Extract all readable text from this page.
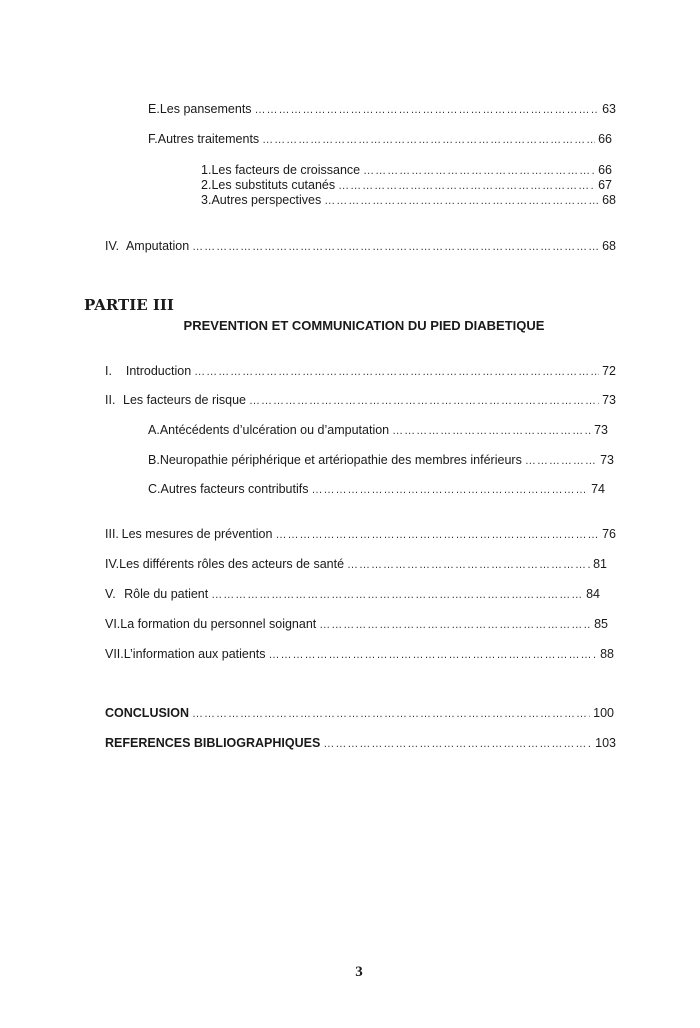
E. Les pansements ……………………………………………………………………………………………………………………………………………………………………………………	63
F. Autres traitements ……………………………………………………………………………………………………………………………………………………………………………………	66
1. Les facteurs de croissance ……………………………………………………………………………………………………………………………………………………………………………………	66
2. Les substituts cutanés ……………………………………………………………………………………………………………………………………………………………………………………	67
3. Autres perspectives ……………………………………………………………………………………………………………………………………………………………………………………	68
IV. Amputation ……………………………………………………………………………………………………………………………………………………………………………………	68
PARTIE III
PREVENTION ET COMMUNICATION DU PIED DIABETIQUE
I.	Introduction ……………………………………………………………………………………………………………………………………………………………………………………	72
II. Les facteurs de risque ……………………………………………………………………………………………………………………………………………………………………………………	73
A. Antécédents d’ulcération ou d’amputation ……………………………………………………………………………………………………………………………………………………………………………………	73
B. Neuropathie périphérique et artériopathie des membres inférieurs ……………………………………………………………………………………………………………………………………………………………………………………	73
C. Autres facteurs contributifs ……………………………………………………………………………………………………………………………………………………………………………………	74
III. Les mesures de prévention ……………………………………………………………………………………………………………………………………………………………………………………	76
IV. Les différents rôles des acteurs de santé ……………………………………………………………………………………………………………………………………………………………………………………	81
V. Rôle du patient ……………………………………………………………………………………………………………………………………………………………………………………	84
VI. La formation du personnel soignant ……………………………………………………………………………………………………………………………………………………………………………………	85
VII. L’information aux patients ……………………………………………………………………………………………………………………………………………………………………………………	88
CONCLUSION ……………………………………………………………………………………………………………………………………………………………………………………	100
REFERENCES BIBLIOGRAPHIQUES ……………………………………………………………………………………………………………………………………………………………………………………	103
3
